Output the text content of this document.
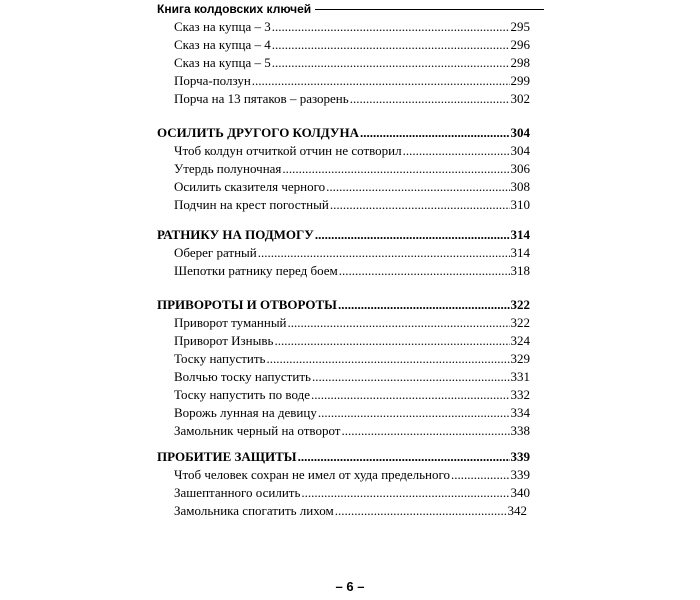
Книга колдовских ключей
Сказ на купца – 3 .....	295
Сказ на купца – 4 .....	296
Сказ на купца – 5 .....	298
Порча-ползун .....	299
Порча на 13 пятаков – разорень .....	302
ОСИЛИТЬ ДРУГОГО КОЛДУНА .....	304
Чтоб колдун отчиткой отчин не сотворил .....	304
Утердь полуночная .....	306
Осилить сказителя черного .....	308
Подчин на крест погостный .....	310
РАТНИКУ НА ПОДМОГУ .....	314
Оберег ратный .....	314
Шепотки ратнику перед боем .....	318
ПРИВОРОТЫ И ОТВОРОТЫ .....	322
Приворот туманный .....	322
Приворот Изнывь .....	324
Тоску напустить .....	329
Волчью тоску напустить .....	331
Тоску напустить по воде .....	332
Ворожь лунная на девицу .....	334
Замольник черный на отворот .....	338
ПРОБИТИЕ ЗАЩИТЫ .....	339
Чтоб человек сохран не имел от худа предельного .....	339
Зашептанного осилить .....	340
Замольника спогатить лихом .....	342
– 6 –
